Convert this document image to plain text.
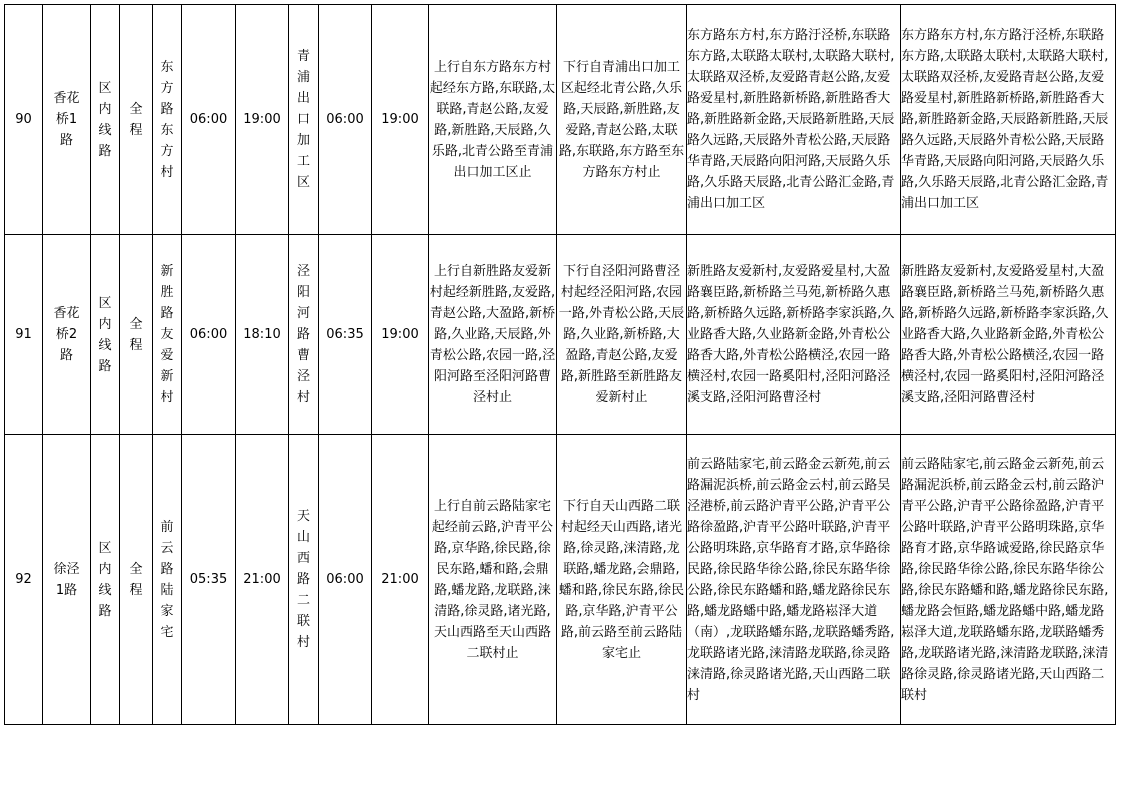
90	香花桥1路	区内线路	全程	东方路东方村	06:00	19:00	青浦出口加工区	06:00	19:00	上行自东方路东方村起经东方路,东联路,太联路,青赵公路,友爱路,新胜路,天辰路,久乐路,北青公路至青浦出口加工区止	下行自青浦出口加工区起经北青公路,久乐路,天辰路,新胜路,友爱路,青赵公路,太联路,东联路,东方路至东方路东方村止	东方路东方村,东方路汙泾桥,东联路东方路,太联路太联村,太联路大联村,太联路双泾桥,友爱路青赵公路,友爱路爱星村,新胜路新桥路,新胜路香大路,新胜路新金路,天辰路新胜路,天辰路久远路,天辰路外青松公路,天辰路华青路,天辰路向阳河路,天辰路久乐路,久乐路天辰路,北青公路汇金路,青浦出口加工区	东方路东方村,东方路汙泾桥,东联路东方路,太联路太联村,太联路大联村,太联路双泾桥,友爱路青赵公路,友爱路爱星村,新胜路新桥路,新胜路香大路,新胜路新金路,天辰路新胜路,天辰路久远路,天辰路外青松公路,天辰路华青路,天辰路向阳河路,天辰路久乐路,久乐路天辰路,北青公路汇金路,青浦出口加工区
91	香花桥2路	区内线路	全程	新胜路友爱新村	06:00	18:10	泾阳河路曹泾村	06:35	19:00	上行自新胜路友爱新村起经新胜路,友爱路,青赵公路,大盈路,新桥路,久业路,天辰路,外青松公路,农园一路,泾阳河路至泾阳河路曹泾村止	下行自泾阳河路曹泾村起经泾阳河路,农园一路,外青松公路,天辰路,久业路,新桥路,大盈路,青赵公路,友爱路,新胜路至新胜路友爱新村止	新胜路友爱新村,友爱路爱星村,大盈路襄臣路,新桥路兰马苑,新桥路久惠路,新桥路久远路,新桥路李家浜路,久业路香大路,久业路新金路,外青松公路香大路,外青松公路横泾,农园一路横泾村,农园一路奚阳村,泾阳河路泾溪支路,泾阳河路曹泾村	新胜路友爱新村,友爱路爱星村,大盈路襄臣路,新桥路兰马苑,新桥路久惠路,新桥路久远路,新桥路李家浜路,久业路香大路,久业路新金路,外青松公路香大路,外青松公路横泾,农园一路横泾村,农园一路奚阳村,泾阳河路泾溪支路,泾阳河路曹泾村
92	徐泾1路	区内线路	全程	前云路陆家宅	05:35	21:00	天山西路二联村	06:00	21:00	上行自前云路陆家宅起经前云路,沪青平公路,京华路,徐民路,徐民东路,蟠和路,会鼎路,蟠龙路,龙联路,涞清路,徐灵路,诸光路,天山西路至天山西路二联村止	下行自天山西路二联村起经天山西路,诸光路,徐灵路,涞清路,龙联路,蟠龙路,会鼎路,蟠和路,徐民东路,徐民路,京华路,沪青平公路,前云路至前云路陆家宅止	前云路陆家宅,前云路金云新苑,前云路漏泥浜桥,前云路金云村,前云路吴泾港桥,前云路沪青平公路,沪青平公路徐盈路,沪青平公路叶联路,沪青平公路明珠路,京华路育才路,京华路徐民路,徐民路华徐公路,徐民东路华徐公路,徐民东路蟠和路,蟠龙路徐民东路,蟠龙路蟠中路,蟠龙路崧泽大道（南）,龙联路蟠东路,龙联路蟠秀路,龙联路诸光路,涞清路龙联路,徐灵路涞清路,徐灵路诸光路,天山西路二联村	前云路陆家宅,前云路金云新苑,前云路漏泥浜桥,前云路金云村,前云路沪青平公路,沪青平公路徐盈路,沪青平公路叶联路,沪青平公路明珠路,京华路育才路,京华路诚爱路,徐民路京华路,徐民路华徐公路,徐民东路华徐公路,徐民东路蟠和路,蟠龙路徐民东路,蟠龙路会恒路,蟠龙路蟠中路,蟠龙路崧泽大道,龙联路蟠东路,龙联路蟠秀路,龙联路诸光路,涞清路龙联路,涞清路徐灵路,徐灵路诸光路,天山西路二联村
